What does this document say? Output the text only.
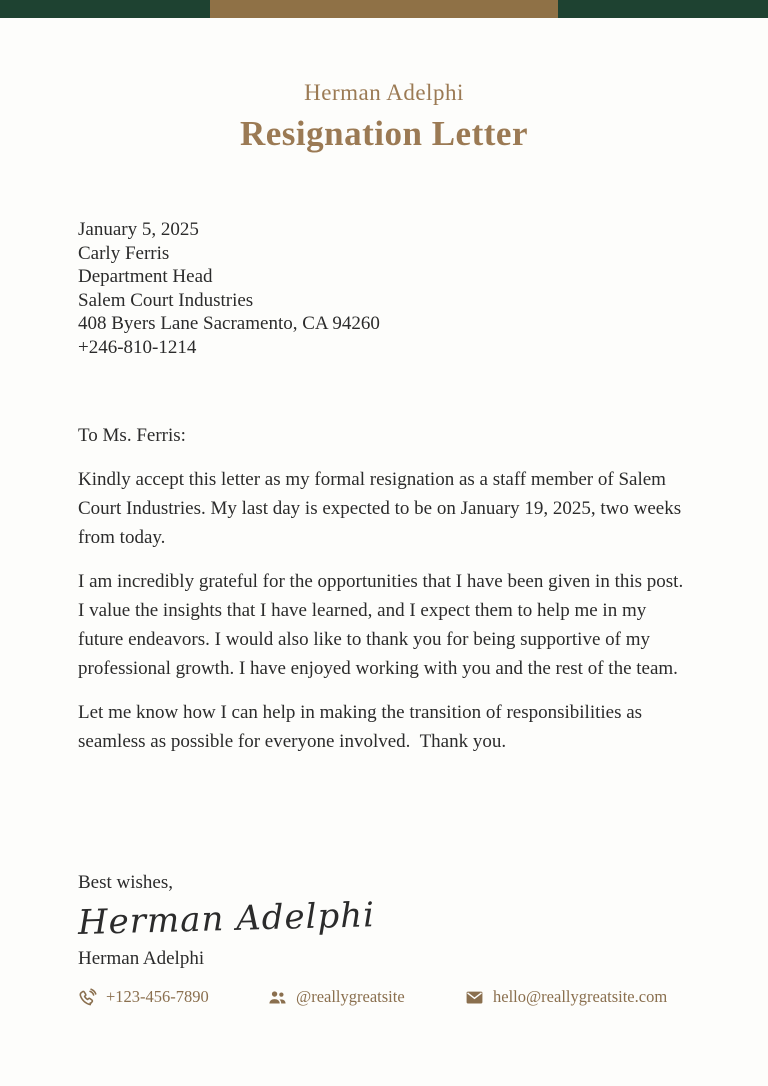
Herman Adelphi
Resignation Letter
January 5, 2025
Carly Ferris
Department Head
Salem Court Industries
408 Byers Lane Sacramento, CA 94260
+246-810-1214
To Ms. Ferris:

Kindly accept this letter as my formal resignation as a staff member of Salem Court Industries. My last day is expected to be on January 19, 2025, two weeks from today.

I am incredibly grateful for the opportunities that I have been given in this post. I value the insights that I have learned, and I expect them to help me in my future endeavors. I would also like to thank you for being supportive of my professional growth. I have enjoyed working with you and the rest of the team.

Let me know how I can help in making the transition of responsibilities as seamless as possible for everyone involved.  Thank you.

Best wishes,
Herman Adelphi
Herman Adelphi
+123-456-7890	@reallygreatsite	hello@reallygreatsite.com
